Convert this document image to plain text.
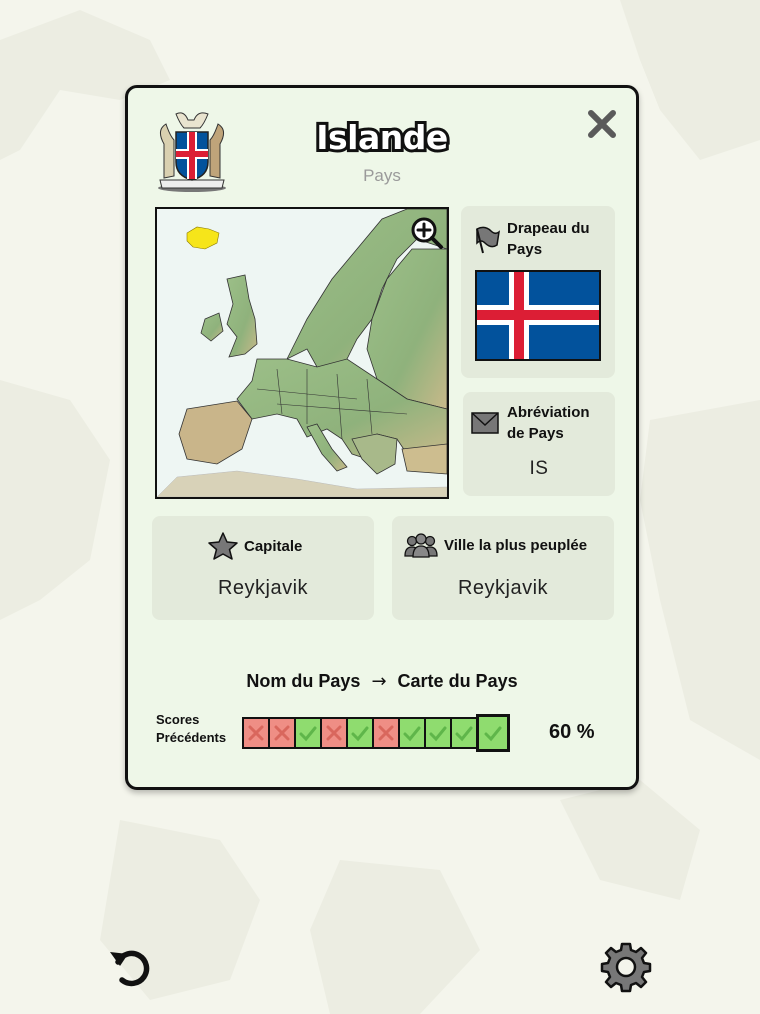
Islande
Pays
Drapeau du Pays
Abréviation de Pays
IS
Capitale
Reykjavik
Ville la plus peuplée
Reykjavik
Nom du Pays → Carte du Pays
Scores
Précédents	60 %
